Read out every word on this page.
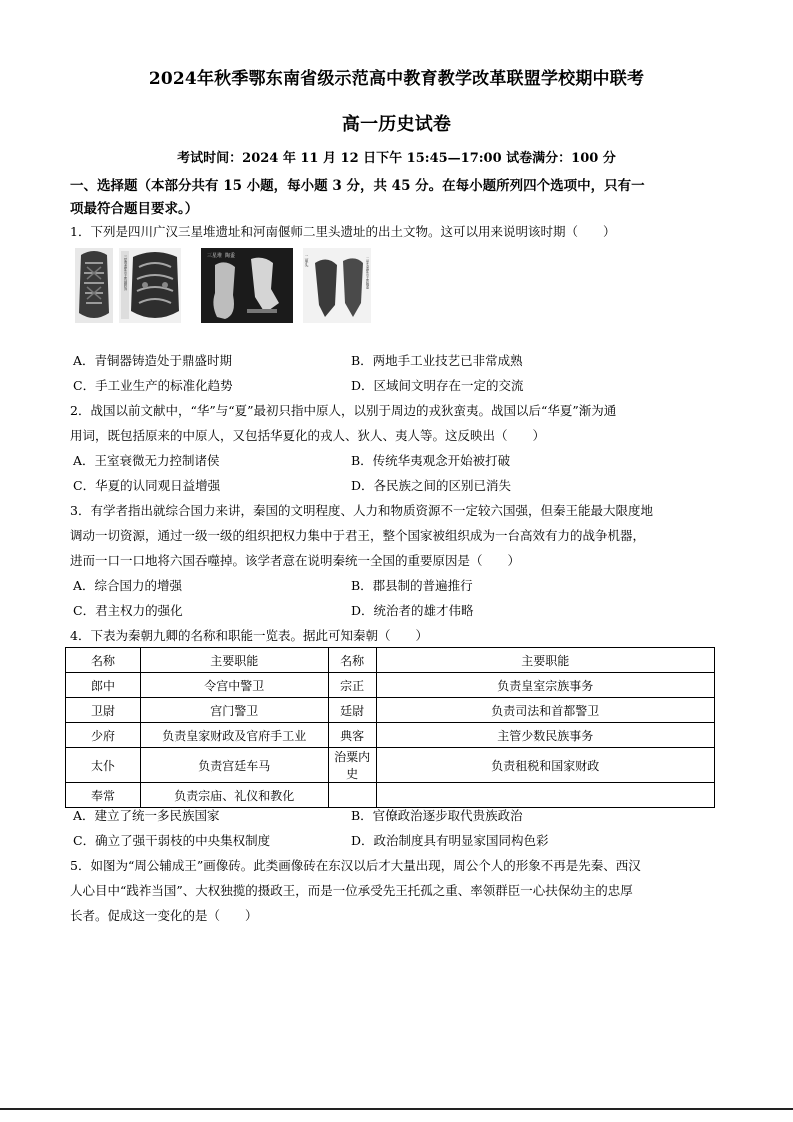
2024年秋季鄂东南省级示范高中教育教学改革联盟学校期中联考
高一历史试卷
考试时间：2024 年 11 月 12 日下午 15:45—17:00 试卷满分：100 分
一、选择题（本部分共有 15 小题，每小题 3 分，共 45 分。在每小题所列四个选项中，只有一
项最符合题目要求。）
1．下列是四川广汉三星堆遗址和河南偃师二里头遗址的出土文物。这可以用来说明该时期（　　）
三星堆遗址出土的铜牌饰	三星堆 陶盉	二里头	二里头遗址出土的陶盉
A．青铜器铸造处于鼎盛时期	B．两地手工业技艺已非常成熟
C．手工业生产的标准化趋势	D．区域间文明存在一定的交流
2．战国以前文献中，“华”与“夏”最初只指中原人，以别于周边的戎狄蛮夷。战国以后“华夏”渐为通
用词，既包括原来的中原人，又包括华夏化的戎人、狄人、夷人等。这反映出（　　）
A．王室衰微无力控制诸侯	B．传统华夷观念开始被打破
C．华夏的认同观日益增强	D．各民族之间的区别已消失
3．有学者指出就综合国力来讲，秦国的文明程度、人力和物质资源不一定较六国强，但秦王能最大限度地
调动一切资源，通过一级一级的组织把权力集中于君王，整个国家被组织成为一台高效有力的战争机器，
进而一口一口地将六国吞噬掉。该学者意在说明秦统一全国的重要原因是（　　）
A．综合国力的增强	B．郡县制的普遍推行
C．君主权力的强化	D．统治者的雄才伟略
4．下表为秦朝九卿的名称和职能一览表。据此可知秦朝（　　）
名称	主要职能	名称	主要职能
郎中	令宫中警卫	宗正	负责皇室宗族事务
卫尉	宫门警卫	廷尉	负责司法和首都警卫
少府	负责皇家财政及官府手工业	典客	主管少数民族事务
太仆	负责宫廷车马	治粟内史	负责租税和国家财政
奉常	负责宗庙、礼仪和教化		
A．建立了统一多民族国家	B．官僚政治逐步取代贵族政治
C．确立了强干弱枝的中央集权制度	D．政治制度具有明显家国同构色彩
5．如图为“周公辅成王”画像砖。此类画像砖在东汉以后才大量出现，周公个人的形象不再是先秦、西汉
人心目中“践祚当国”、大权独揽的摄政王，而是一位承受先王托孤之重、率领群臣一心扶保幼主的忠厚
长者。促成这一变化的是（　　）
